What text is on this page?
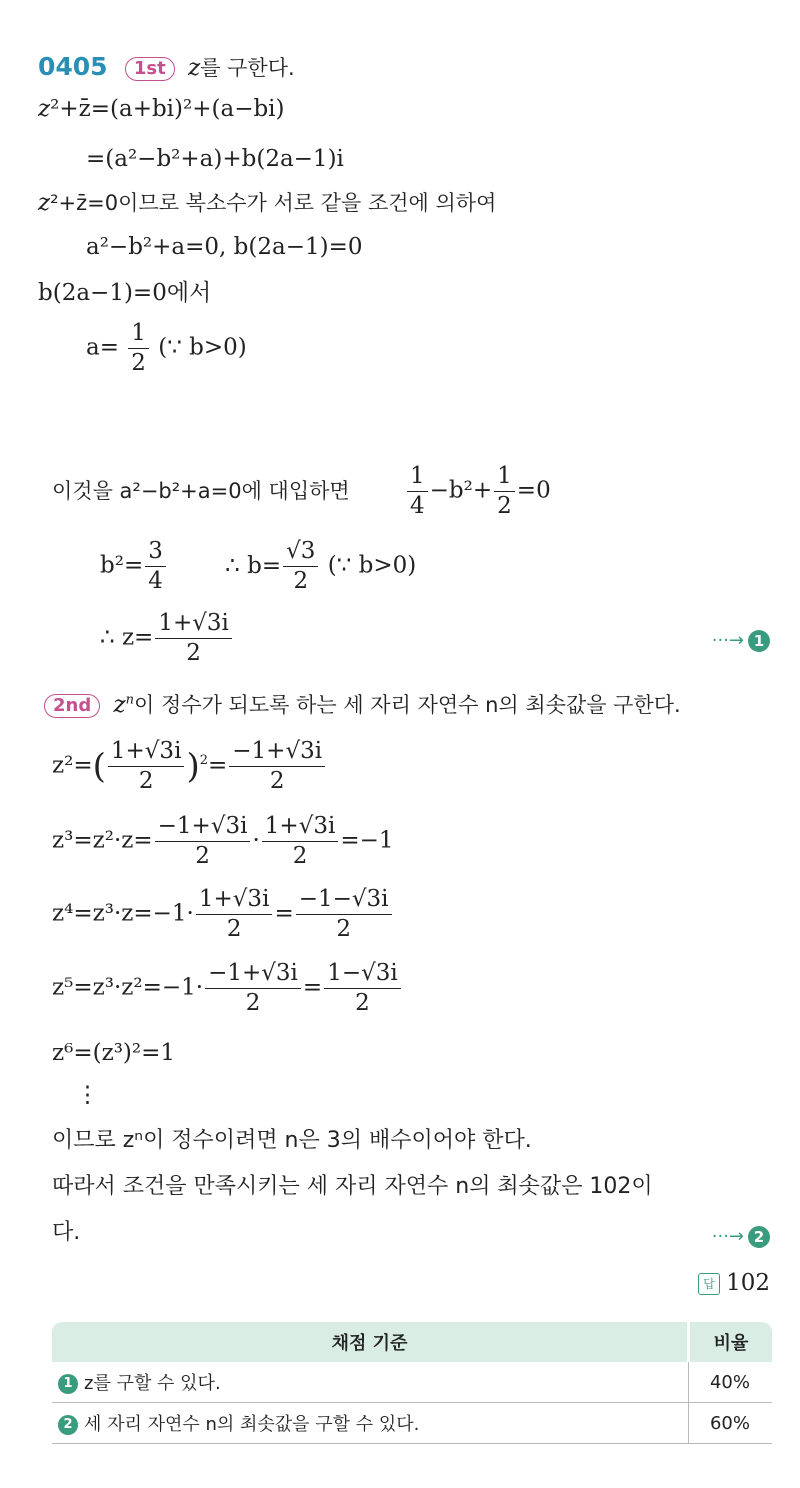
0405 1st z를 구한다.
z²+z̄=(a+bi)²+(a−bi)
=(a²−b²+a)+b(2a−1)i
z²+z̄=0이므로 복소수가 서로 같을 조건에 의하여
a²−b²+a=0, b(2a−1)=0
b(2a−1)=0에서
$a= \frac{1}{2}$ (∵ b>0)
이것을 a²−b²+a=0에 대입하면 $\frac{1}{4} -b^2+ \frac{1}{2} =0$
$b^2= \frac{3}{4}$	∴ $b= \frac{√3}{2}$ (∵ b>0)
∴ $z= \frac{1+√3i}{2}$	···→ 1
2nd $z^n$이 정수가 되도록 하는 세 자리 자연수 n의 최솟값을 구한다.
$z^2=( \frac{1+√3i}{2} )^2= \frac{-1+√3i}{2}$
$z^3=z^2\cdot z= \frac{-1+√3i}{2} \cdot \frac{1+√3i}{2} =-1$
$z^4=z^3\cdot z=-1\cdot \frac{1+√3i}{2} = \frac{-1-√3i}{2}$
$z^5=z^3\cdot z^2=-1\cdot \frac{-1+√3i}{2} = \frac{1-√3i}{2}$
z⁶=(z³)²=1
⋮
이므로 zⁿ이 정수이려면 n은 3의 배수이어야 한다.
따라서 조건을 만족시키는 세 자리 자연수 n의 최솟값은 102이
다.	···→ 2
답 102
채점 기준	비율
1 z를 구할 수 있다.	40%
2 세 자리 자연수 n의 최솟값을 구할 수 있다.	60%
